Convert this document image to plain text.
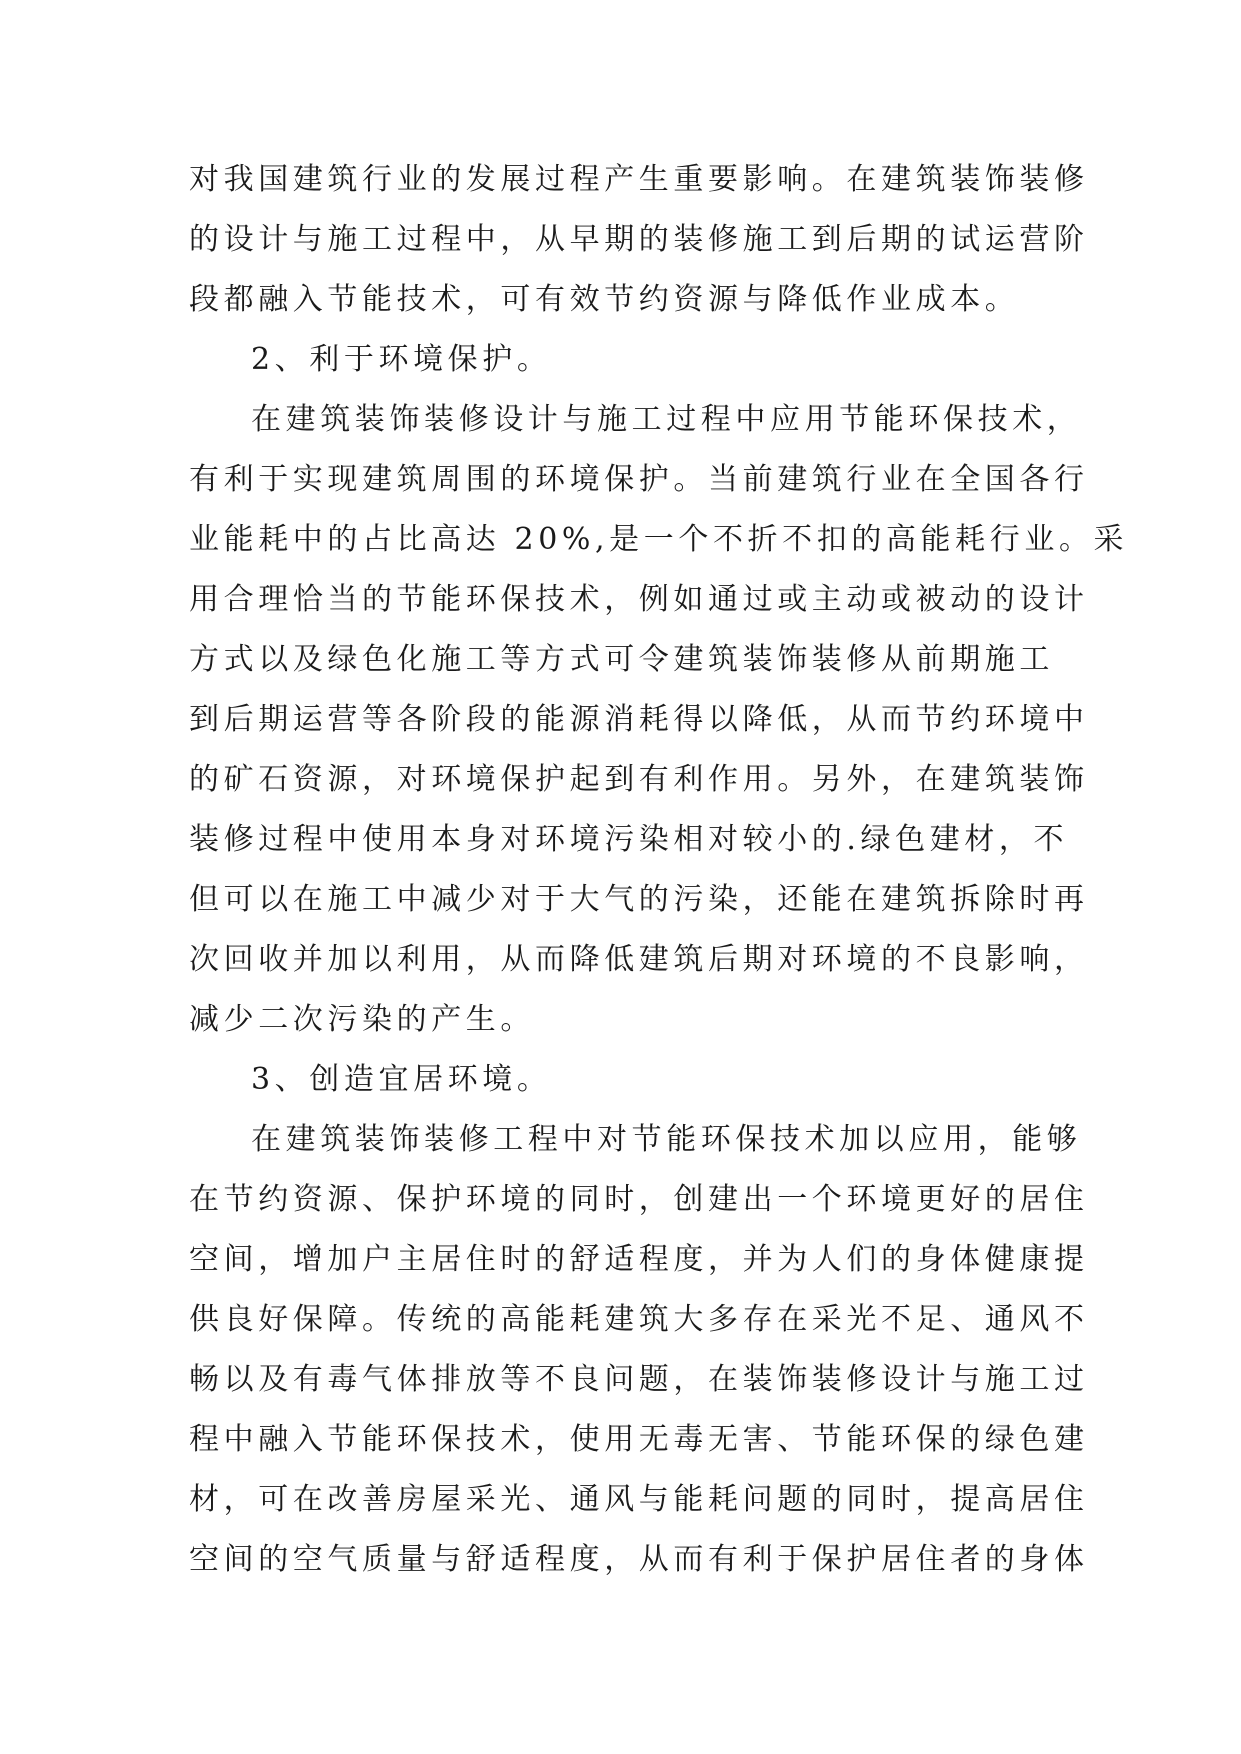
对我国建筑行业的发展过程产生重要影响。在建筑装饰装修
的设计与施工过程中，从早期的装修施工到后期的试运营阶
段都融入节能技术，可有效节约资源与降低作业成本。
2、利于环境保护。
在建筑装饰装修设计与施工过程中应用节能环保技术，
有利于实现建筑周围的环境保护。当前建筑行业在全国各行
业能耗中的占比高达 20%,是一个不折不扣的高能耗行业。采
用合理恰当的节能环保技术，例如通过或主动或被动的设计
方式以及绿色化施工等方式可令建筑装饰装修从前期施工
到后期运营等各阶段的能源消耗得以降低，从而节约环境中
的矿石资源，对环境保护起到有利作用。另外，在建筑装饰
装修过程中使用本身对环境污染相对较小的.绿色建材，不
但可以在施工中减少对于大气的污染，还能在建筑拆除时再
次回收并加以利用，从而降低建筑后期对环境的不良影响，
减少二次污染的产生。
3、创造宜居环境。
在建筑装饰装修工程中对节能环保技术加以应用，能够
在节约资源、保护环境的同时，创建出一个环境更好的居住
空间，增加户主居住时的舒适程度，并为人们的身体健康提
供良好保障。传统的高能耗建筑大多存在采光不足、通风不
畅以及有毒气体排放等不良问题，在装饰装修设计与施工过
程中融入节能环保技术，使用无毒无害、节能环保的绿色建
材，可在改善房屋采光、通风与能耗问题的同时，提高居住
空间的空气质量与舒适程度，从而有利于保护居住者的身体
